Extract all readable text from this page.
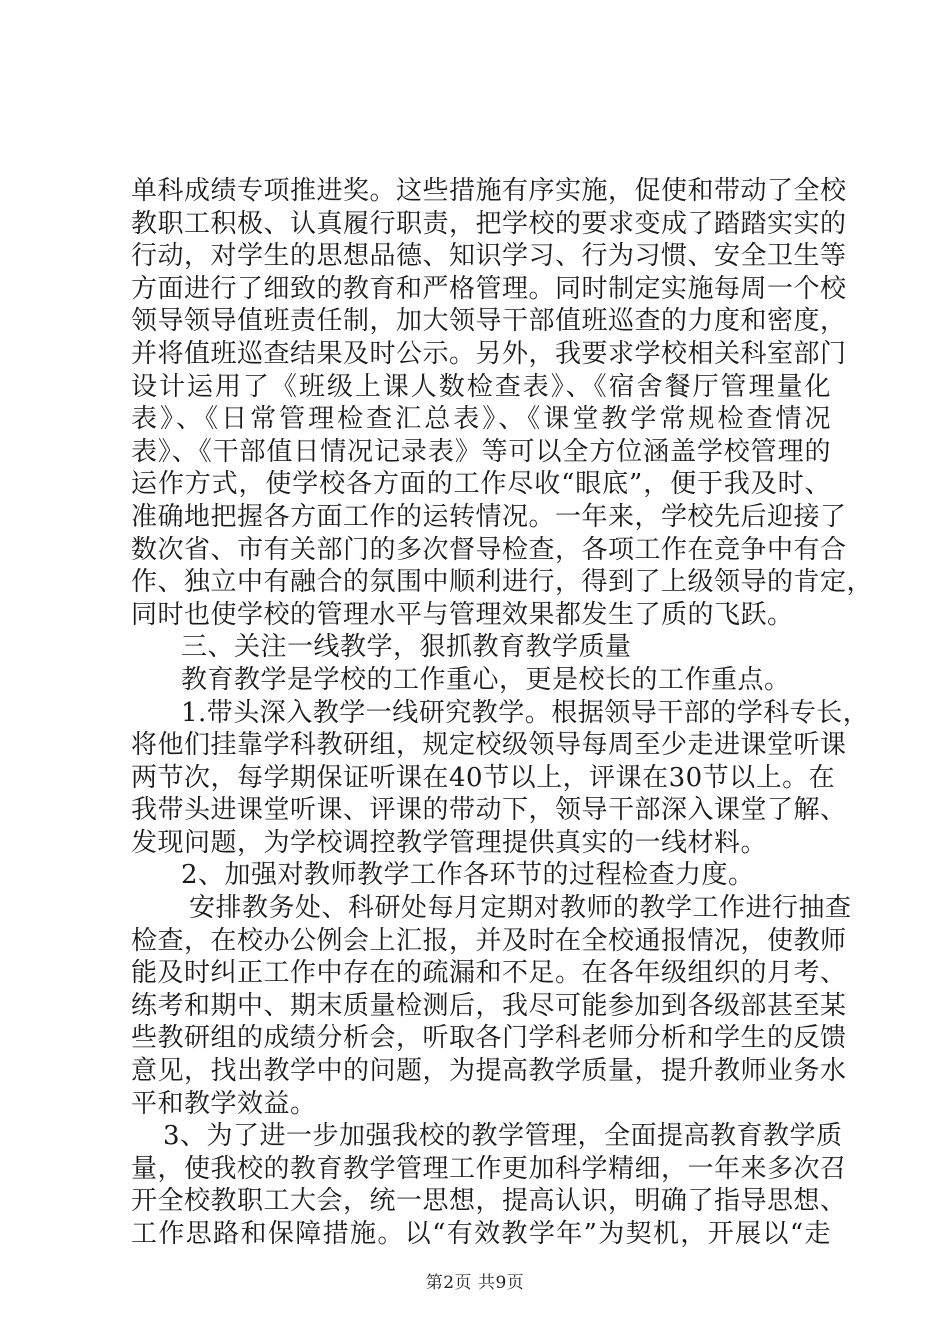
单科成绩专项推进奖。这些措施有序实施，促使和带动了全校
教职工积极、认真履行职责，把学校的要求变成了踏踏实实的
行动，对学生的思想品德、知识学习、行为习惯、安全卫生等
方面进行了细致的教育和严格管理。同时制定实施每周一个校
领导领导值班责任制，加大领导干部值班巡查的力度和密度，
并将值班巡查结果及时公示。另外，我要求学校相关科室部门
设计运用了《班级上课人数检查表》、《宿舍餐厅管理量化
表》、《日常管理检查汇总表》、《课堂教学常规检查情况
表》、《干部值日情况记录表》等可以全方位涵盖学校管理的
运作方式，使学校各方面的工作尽收“眼底”，便于我及时、
准确地把握各方面工作的运转情况。一年来，学校先后迎接了
数次省、市有关部门的多次督导检查，各项工作在竞争中有合
作、独立中有融合的氛围中顺利进行，得到了上级领导的肯定，
同时也使学校的管理水平与管理效果都发生了质的飞跃。
三、关注一线教学，狠抓教育教学质量
教育教学是学校的工作重心，更是校长的工作重点。
1.带头深入教学一线研究教学。根据领导干部的学科专长，
将他们挂靠学科教研组，规定校级领导每周至少走进课堂听课
两节次，每学期保证听课在40节以上，评课在30节以上。在
我带头进课堂听课、评课的带动下，领导干部深入课堂了解、
发现问题，为学校调控教学管理提供真实的一线材料。
2、加强对教师教学工作各环节的过程检查力度。
安排教务处、科研处每月定期对教师的教学工作进行抽查
检查，在校办公例会上汇报，并及时在全校通报情况，使教师
能及时纠正工作中存在的疏漏和不足。在各年级组织的月考、
练考和期中、期末质量检测后，我尽可能参加到各级部甚至某
些教研组的成绩分析会，听取各门学科老师分析和学生的反馈
意见，找出教学中的问题，为提高教学质量，提升教师业务水
平和教学效益。
3、为了进一步加强我校的教学管理，全面提高教育教学质
量，使我校的教育教学管理工作更加科学精细，一年来多次召
开全校教职工大会，统一思想，提高认识，明确了指导思想、
工作思路和保障措施。以“有效教学年”为契机，开展以“走
第2页 共9页
